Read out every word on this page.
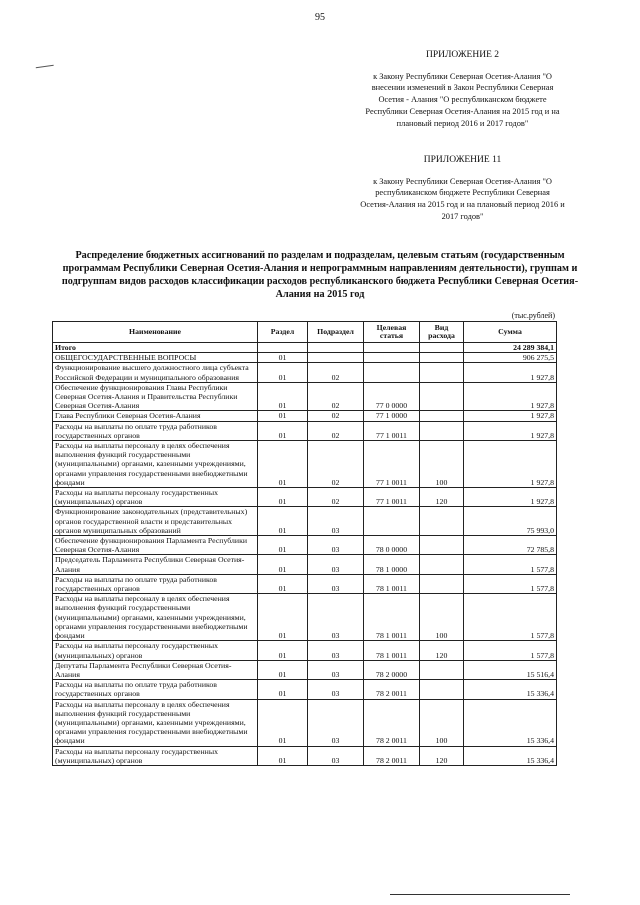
95
ПРИЛОЖЕНИЕ 2
к Закону Республики Северная Осетия-Алания "О внесении изменений в Закон Республики Северная Осетия - Алания "О республиканском бюджете Республики Северная Осетия-Алания на 2015 год и на плановый период 2016 и 2017 годов"
ПРИЛОЖЕНИЕ 11
к Закону Республики Северная Осетия-Алания "О республиканском бюджете Республики Северная Осетия-Алания на 2015 год и на плановый период 2016 и 2017 годов"
Распределение бюджетных ассигнований по разделам и подразделам, целевым статьям (государственным программам Республики Северная Осетия-Алания и непрограммным направлениям деятельности), группам и подгруппам видов расходов классификации расходов республиканского бюджета Республики Северная Осетия-Алания на 2015 год
(тыс.рублей)
Наименование	Раздел	Подраздел	Целевая статья	Вид расхода	Сумма
Итого					24 289 384,1
ОБЩЕГОСУДАРСТВЕННЫЕ ВОПРОСЫ	01				906 275,5
Функционирование высшего должностного лица субъекта Российской Федерации и муниципального образования	01	02			1 927,8
Обеспечение функционирования Главы Республики Северная Осетия-Алания и Правительства Республики Северная Осетия-Алания	01	02	77 0 0000		1 927,8
Глава Республики Северная Осетия-Алания	01	02	77 1 0000		1 927,8
Расходы на выплаты по оплате труда работников государственных органов	01	02	77 1 0011		1 927,8
Расходы на выплаты персоналу в целях обеспечения выполнения функций государственными (муниципальными) органами, казенными учреждениями, органами управления государственными внебюджетными фондами	01	02	77 1 0011	100	1 927,8
Расходы на выплаты персоналу государственных (муниципальных) органов	01	02	77 1 0011	120	1 927,8
Функционирование законодательных (представительных) органов государственной власти и представительных органов муниципальных образований	01	03			75 993,0
Обеспечение функционирования Парламента Республики Северная Осетия-Алания	01	03	78 0 0000		72 785,8
Председатель Парламента Республики Северная Осетия-Алания	01	03	78 1 0000		1 577,8
Расходы на выплаты по оплате труда работников государственных органов	01	03	78 1 0011		1 577,8
Расходы на выплаты персоналу в целях обеспечения выполнения функций государственными (муниципальными) органами, казенными учреждениями, органами управления государственными внебюджетными фондами	01	03	78 1 0011	100	1 577,8
Расходы на выплаты персоналу государственных (муниципальных) органов	01	03	78 1 0011	120	1 577,8
Депутаты Парламента Республики Северная Осетия-Алания	01	03	78 2 0000		15 516,4
Расходы на выплаты по оплате труда работников государственных органов	01	03	78 2 0011		15 336,4
Расходы на выплаты персоналу в целях обеспечения выполнения функций государственными (муниципальными) органами, казенными учреждениями, органами управления государственными внебюджетными фондами	01	03	78 2 0011	100	15 336,4
Расходы на выплаты персоналу государственных (муниципальных) органов	01	03	78 2 0011	120	15 336,4
